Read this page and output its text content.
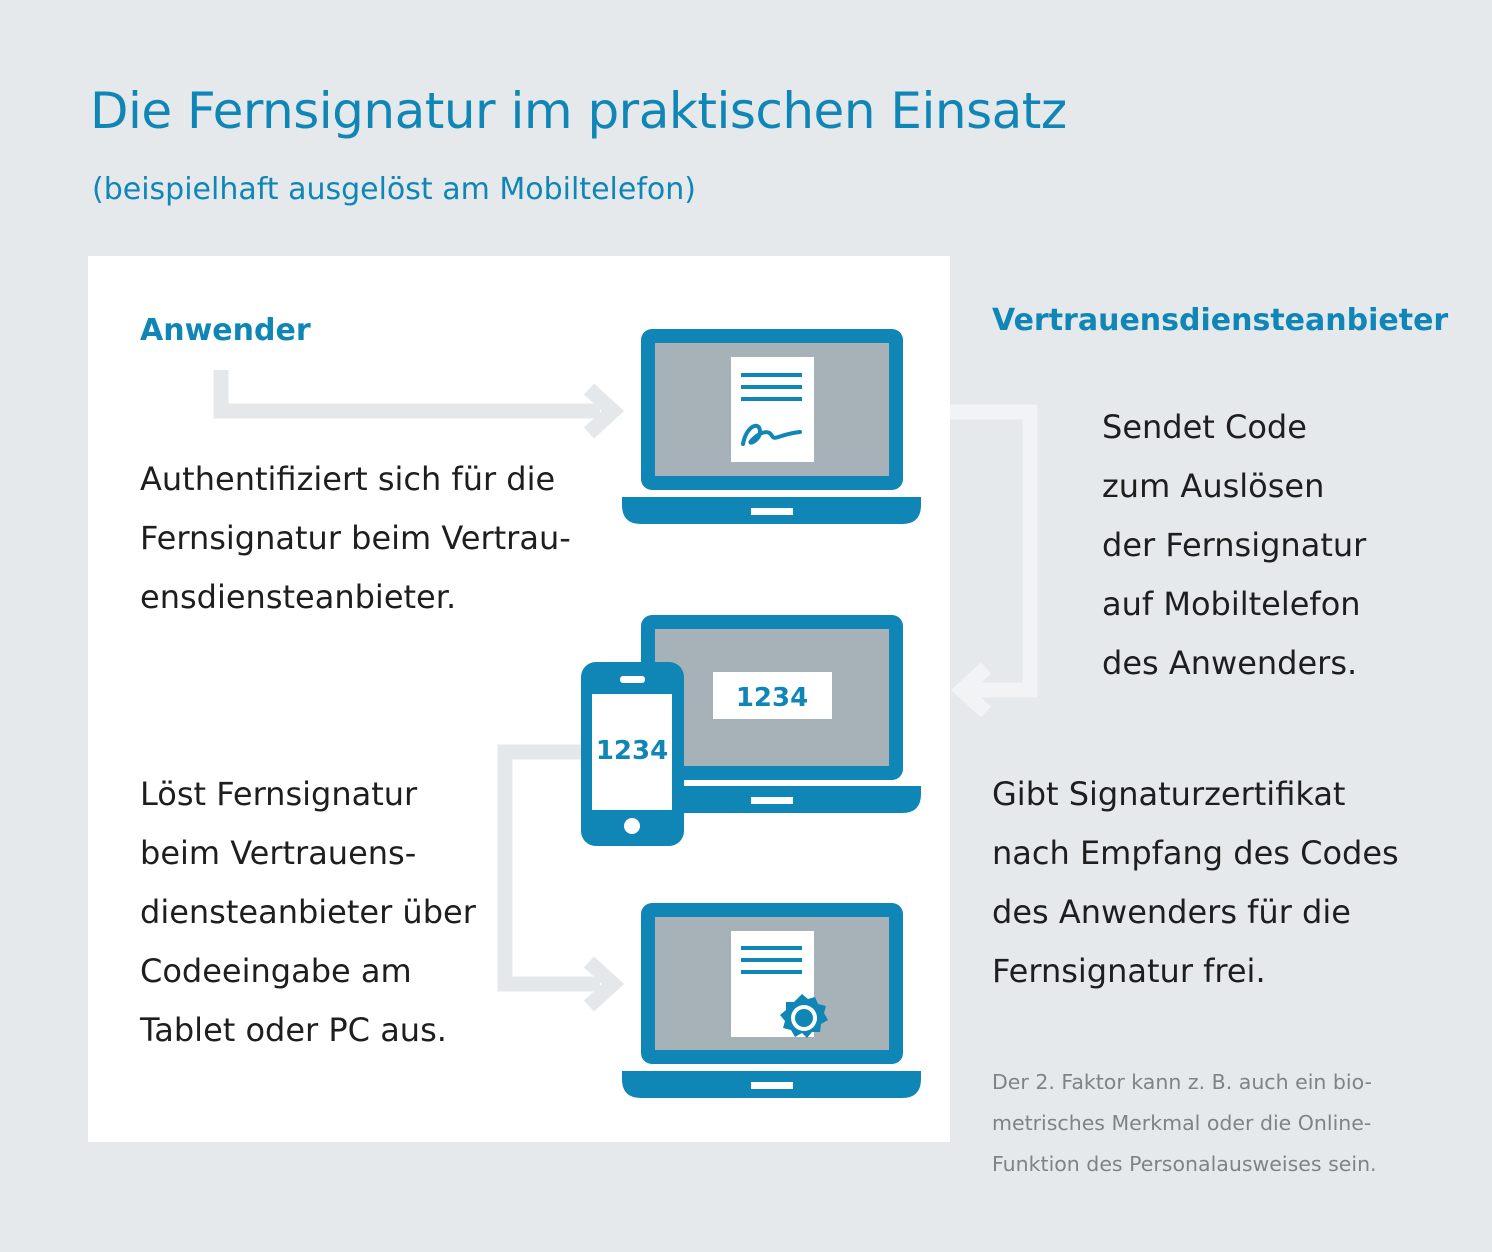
Die Fernsignatur im praktischen Einsatz

(beispielhaft ausgelöst am Mobiltelefon)

1234
1234
Anwender

Authentifiziert sich für die
Fernsignatur beim Vertrau-
ensdiensteanbieter.

Löst Fernsignatur
beim Vertrauens-
diensteanbieter über
Codeeingabe am
Tablet oder PC aus.

Vertrauensdiensteanbieter

Sendet Code
zum Auslösen
der Fernsignatur
auf Mobiltelefon
des Anwenders.

Gibt Signaturzertifikat
nach Empfang des Codes
des Anwenders für die
Fernsignatur frei.

Der 2. Faktor kann z. B. auch ein bio-
metrisches Merkmal oder die Online-
Funktion des Personalausweises sein.
